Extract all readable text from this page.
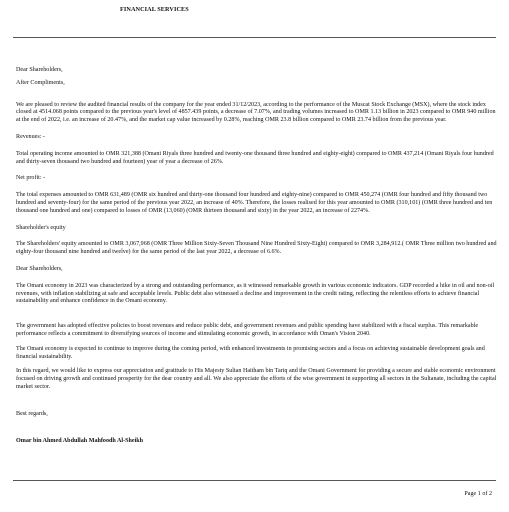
FINANCIAL SERVICES

Dear Shareholders,

After Compliments,

We are pleased to review the audited financial results of the company for the year ended 31/12/2023, according to the performance of the Muscat Stock Exchange (MSX), where the stock index closed at 4514.068 points compared to the previous year's level of 4857.439 points, a decrease of 7.07%, and trading volumes increased to OMR 1.13 billion in 2023 compared to OMR 940 million at the end of 2022, i.e. an increase of 20.47%, and the market cap value increased by 0.28%, reaching OMR 23.8 billion compared to OMR 23.74 billion from the previous year.

Revenues: -

Total operating income amounted to OMR 321,388 (Omani Riyals three hundred and twenty-one thousand three hundred and eighty-eight) compared to OMR 437,214 (Omani Riyals four hundred and thirty-seven thousand two hundred and fourteen) year of year a decrease of 26%.

Net profit: -

The total expenses amounted to OMR 631,489 (OMR six hundred and thirty-one thousand four hundred and eighty-nine) compared to OMR 450,274 (OMR four hundred and fifty thousand two hundred and seventy-four) for the same period of the previous year 2022, an increase of 40%. Therefore, the losses realised for this year amounted to OMR (310,101) (OMR three hundred and ten thousand one hundred and one) compared to losses of OMR (13,060) (OMR thirteen thousand and sixty) in the year 2022, an increase of 2274%.

Shareholder's equity

The Shareholders' equity amounted to OMR 3,067,968 (OMR Three Million Sixty-Seven Thousand Nine Hundred Sixty-Eight) compared to OMR 3,284,912.( OMR Three million two hundred and eighty-four thousand nine hundred and twelve) for the same period of the last year 2022, a decrease of 6.6%.

Dear Shareholders,

The Omani economy in 2023 was characterized by a strong and outstanding performance, as it witnessed remarkable growth in various economic indicators. GDP recorded a hike in oil and non-oil revenues, with inflation stabilizing at safe and acceptable levels. Public debt also witnessed a decline and improvement in the credit rating, reflecting the relentless efforts to achieve financial sustainability and enhance confidence in the Omani economy.

The government has adopted effective policies to boost revenues and reduce public debt, and government revenues and public spending have stabilized with a fiscal surplus. This remarkable performance reflects a commitment to diversifying sources of income and stimulating economic growth, in accordance with Oman's Vision 2040.

The Omani economy is expected to continue to improve during the coming period, with enhanced investments in promising sectors and a focus on achieving sustainable development goals and financial sustainability.

In this regard, we would like to express our appreciation and gratitude to His Majesty Sultan Haitham bin Tariq and the Omani Government for providing a secure and stable economic environment focused on driving growth and continued prosperity for the dear country and all. We also appreciate the efforts of the wise government in supporting all sectors in the Sultanate, including the capital market sector.

Best regards,

Omar bin Ahmed Abdullah Mahfoodh Al-Sheikh

Page 1 of 2
